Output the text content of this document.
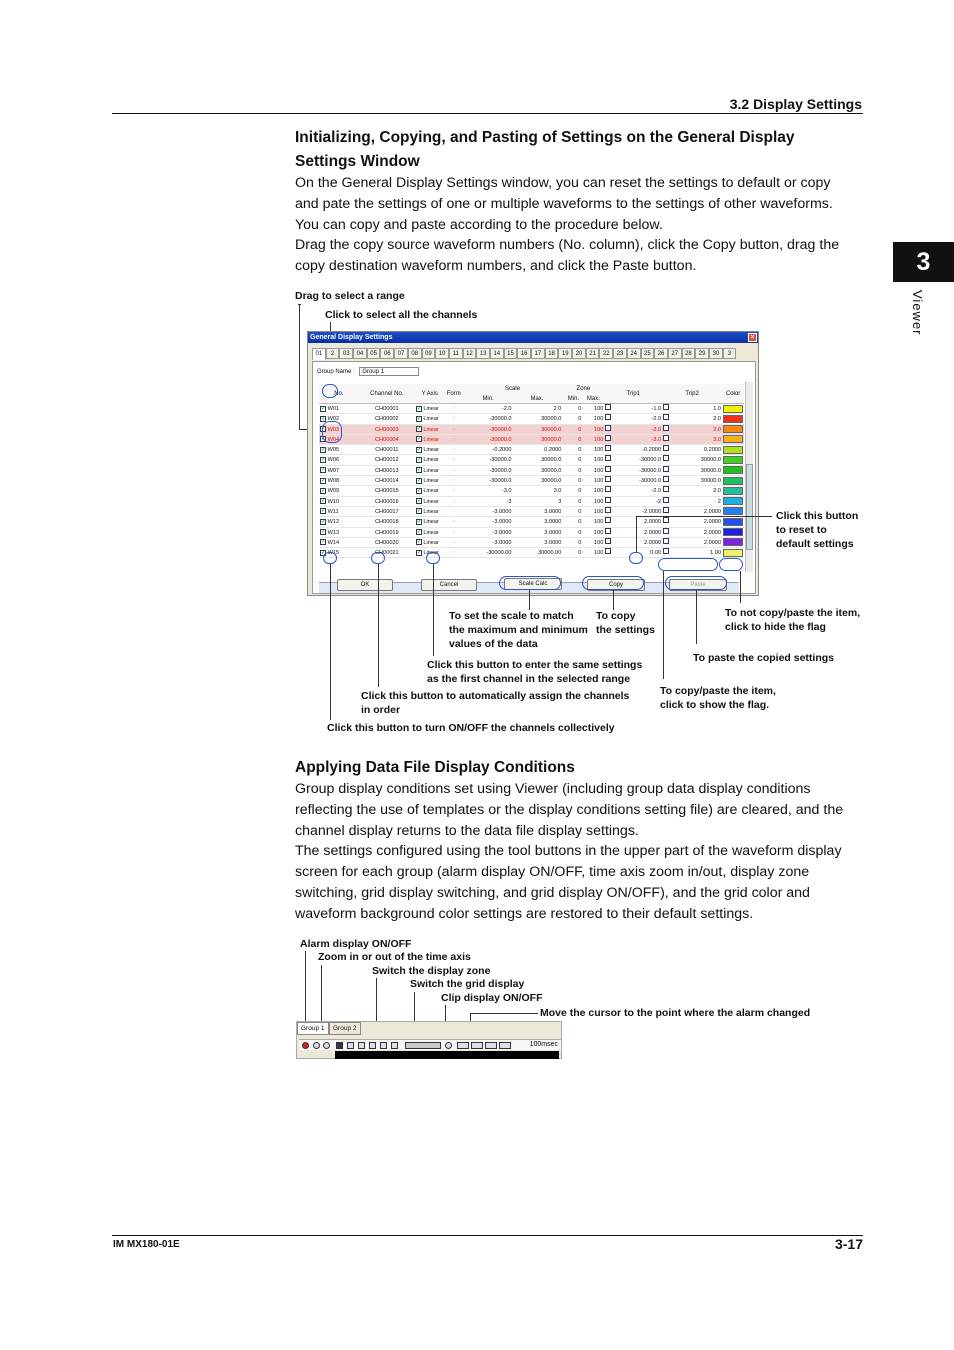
3.2 Display Settings
3
Viewer
Initializing, Copying, and Pasting of Settings on the General Display
Settings Window

On the General Display Settings window, you can reset the settings to default or copy

and pate the settings of one or multiple waveforms to the settings of other waveforms.

You can copy and paste according to the procedure below.

Drag the copy source waveform numbers (No. column), click the Copy button, drag the

copy destination waveform numbers, and click the Paste button.

Drag to select a range
Click to select all the channels
General Display Settings	×
01	2	03	04	05	06	07	08	09	10	11	12	13	14	15	16	17	18	19	20	21	22	23	24	25	26	27	28	29	30	3
Group Name : Group 1
No.	Channel No.	Y Axis	Form
Scale
Min.	Max.
Zone
Min.	Max.
Trip1	Trip2	Color
✓ W01	CH00001 ✓	Linear	◌	-2.0	2.0	0	100	-1.0	1.0
✓ W02	CH00002 ✓	Linear	◌	-30000.0	30000.0	0	100	-2.0	2.0
✓ W03	CH00003 ✓	Linear	◌	-30000.0	30000.0	0	100	-2.0	2.0
✓ W04	CH00004 ✓	Linear	◌	-30000.0	30000.0	0	100	-3.0	3.0
✓ W05	CH00011 ✓	Linear	◌	-0.2000	0.2000	0	100	-0.2000	0.2000
✓ W06	CH00012 ✓	Linear	◌	-30000.0	30000.0	0	100	-30000.0	30000.0
✓ W07	CH00013 ✓	Linear	◌	-30000.0	30000.0	0	100	-30000.0	30000.0
✓ W08	CH00014 ✓	Linear	◌	-30000.0	30000.0	0	100	-30000.0	30000.0
✓ W09	CH00015 ✓	Linear	◌	-3.0	3.0	0	100	-2.0	2.0
✓ W10	CH00016 ✓	Linear	◌	-3	3	0	100	-2	2
✓ W11	CH00017 ✓	Linear	◌	-3.0000	3.0000	0	100	-2.0000	2.0000
✓ W12	CH00018 ✓	Linear	◌	-3.0000	3.0000	0	100	2.0000	2.0000
✓ W13	CH00019 ✓	Linear	◌	-3.0000	3.0000	0	100	2.0000	2.0000
✓ W14	CH00020 ✓	Linear	◌	-3.0000	3.0000	0	100	2.0000	2.0000
✓ W15	CH00021 ✓	Linear	◌	-30000.00	30000.00	0	100	0.00	1.00
OK	Cancel	Scale Calc	Copy	Paste
Click this button
to reset to
default settings
To set the scale to match
the maximum and minimum
values of the data
To copy
the settings
To not copy/paste the item,
click to hide the flag
To paste the copied settings
Click this button to enter the same settings
as the first channel in the selected range
Click this button to automatically assign the channels
in order
To copy/paste the item,
click to show the flag.
Click this button to turn ON/OFF the channels collectively
Applying Data File Display Conditions

Group display conditions set using Viewer (including group data display conditions

reflecting the use of templates or the display conditions setting file) are cleared, and the

channel display returns to the data file display settings.

The settings configured using the tool buttons in the upper part of the waveform display

screen for each group (alarm display ON/OFF, time axis zoom in/out, display zone

switching, grid display switching, and grid display ON/OFF), and the grid color and

waveform background color settings are restored to their default settings.

Alarm display ON/OFF
Zoom in or out of the time axis
Switch the display zone
Switch the grid display
Clip display ON/OFF
Move the cursor to the point where the alarm changed
Group 1	Group 2
100msec
IM MX180-01E	3-17
